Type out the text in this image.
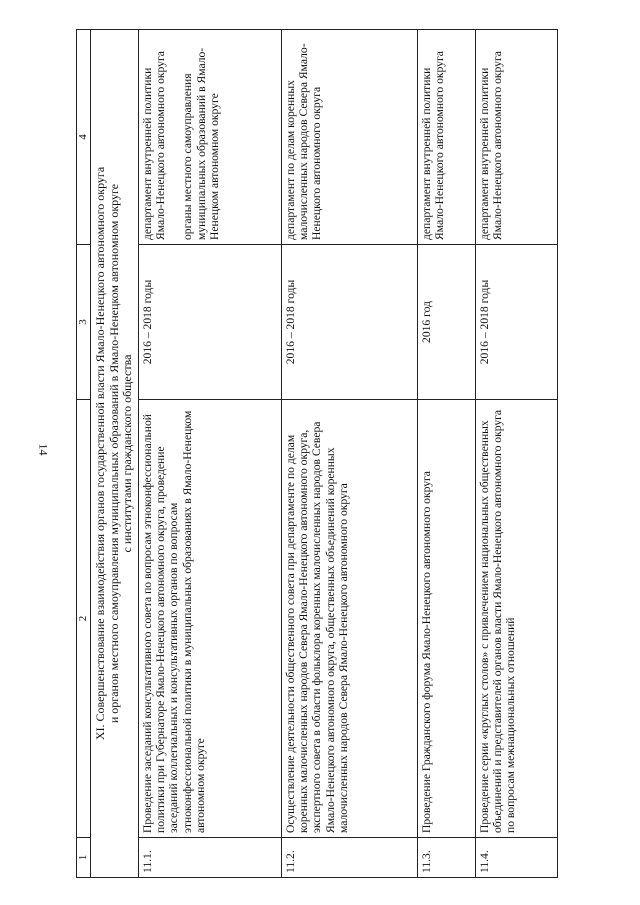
14
1	2	3	4

XI. Совершенствование взаимодействия органов государственной власти Ямало-Ненецкого автономного округа и органов местного самоуправления муниципальных образований в Ямало-Ненецком автономном округе с институтами гражданского общества			

11.1.	Проведение заседаний консультативного совета по вопросам этноконфессиональной политики при Губернаторе Ямало-Ненецкого автономного округа, проведение заседаний коллегиальных и консультативных органов по вопросам этноконфессиональной политики в муниципальных образованиях в Ямало-Ненецком автономном округе	2016 – 2018 годы	департамент внутренней политики Ямало-Ненецкого автономного округа органы местного самоуправления муниципальных образований в Ямало-Ненецком автономном округе

11.2.	Осуществление деятельности общественного совета при департаменте по делам коренных малочисленных народов Севера Ямало-Ненецкого автономного округа, экспертного совета в области фольклора коренных малочисленных народов Севера Ямало-Ненецкого автономного округа, общественных объединений коренных малочисленных народов Севера Ямало-Ненецкого автономного округа	2016 – 2018 годы	департамент по делам коренных малочисленных народов Севера Ямало-Ненецкого автономного округа
11.3.	Проведение Гражданского форума Ямало-Ненецкого автономного округа	2016 год	департамент внутренней политики Ямало-Ненецкого автономного округа
11.4.	Проведение серии «круглых столов» с привлечением национальных общественных объединений и представителей органов власти Ямало-Ненецкого автономного округа по вопросам межнациональных отношений	2016 – 2018 годы	департамент внутренней политики Ямало-Ненецкого автономного округа
